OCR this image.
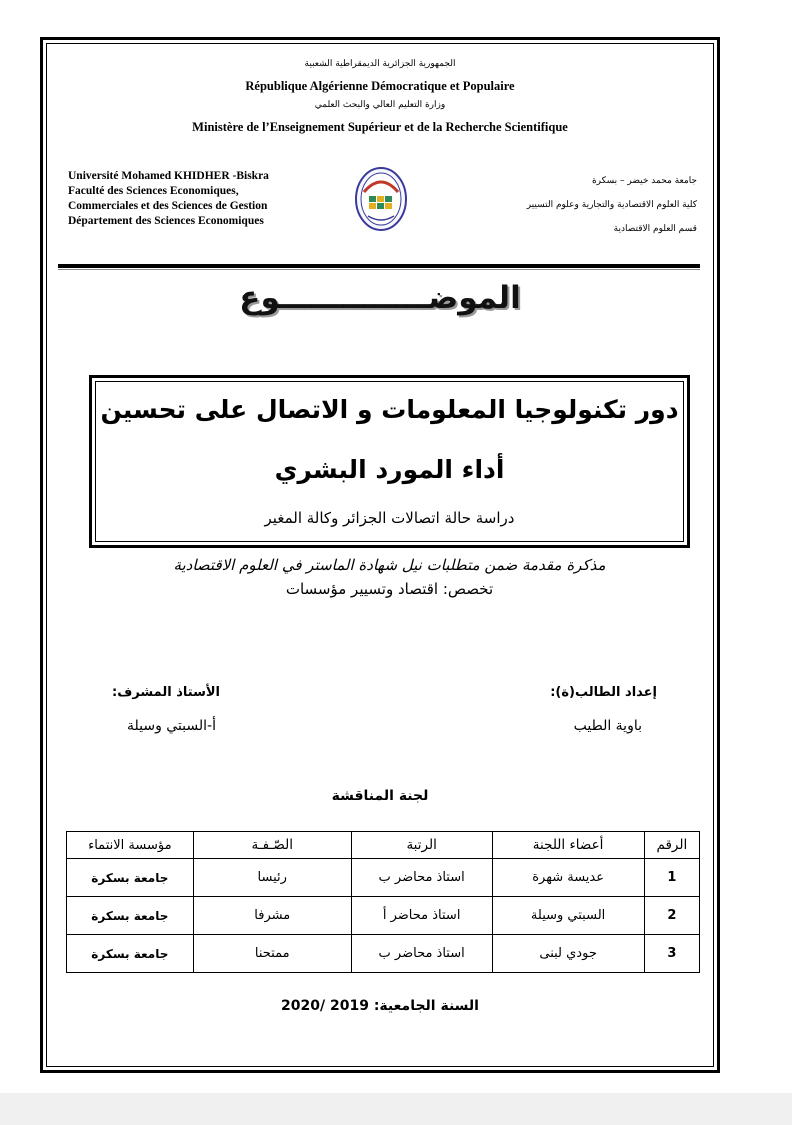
الجمهورية الجزائرية الديمقراطية الشعبية
République Algérienne Démocratique et Populaire
وزارة التعليم العالي والبحث العلمي
Ministère de l’Enseignement Supérieur et de la Recherche Scientifique
Université Mohamed KHIDHER -Biskra
Faculté des Sciences Economiques,
Commerciales et des Sciences de Gestion
Département des Sciences Economiques
جامعة محمد خيضر – بسكرة
كلية العلوم الاقتصادية والتجارية وعلوم التسيير
قسم العلوم الاقتصادية
الموضــــــــــــــوع
دور تكنولوجيا المعلومات و الاتصال على تحسين
أداء المورد البشري
دراسة حالة اتصالات الجزائر وكالة المغير
مذكرة مقدمة ضمن متطلبات نيل شهادة الماستر في العلوم الاقتصادية
تخصص: اقتصاد وتسيير مؤسسات
إعداد الطالب(ة):
الأستاذ المشرف:
باوية الطيب
أ-السبتي وسيلة
لجنة المناقشة
الرقم	أعضاء اللجنة	الرتبة	الصّـفـة	مؤسسة الانتماء
1	عديسة شهرة	استاذ محاضر ب	رئيسا	جامعة بسكرة
2	السبتي وسيلة	استاذ محاضر أ	مشرفا	جامعة بسكرة
3	جودي لبنى	استاذ محاضر ب	ممتحنا	جامعة بسكرة
السنة الجامعية: 2019 /2020
